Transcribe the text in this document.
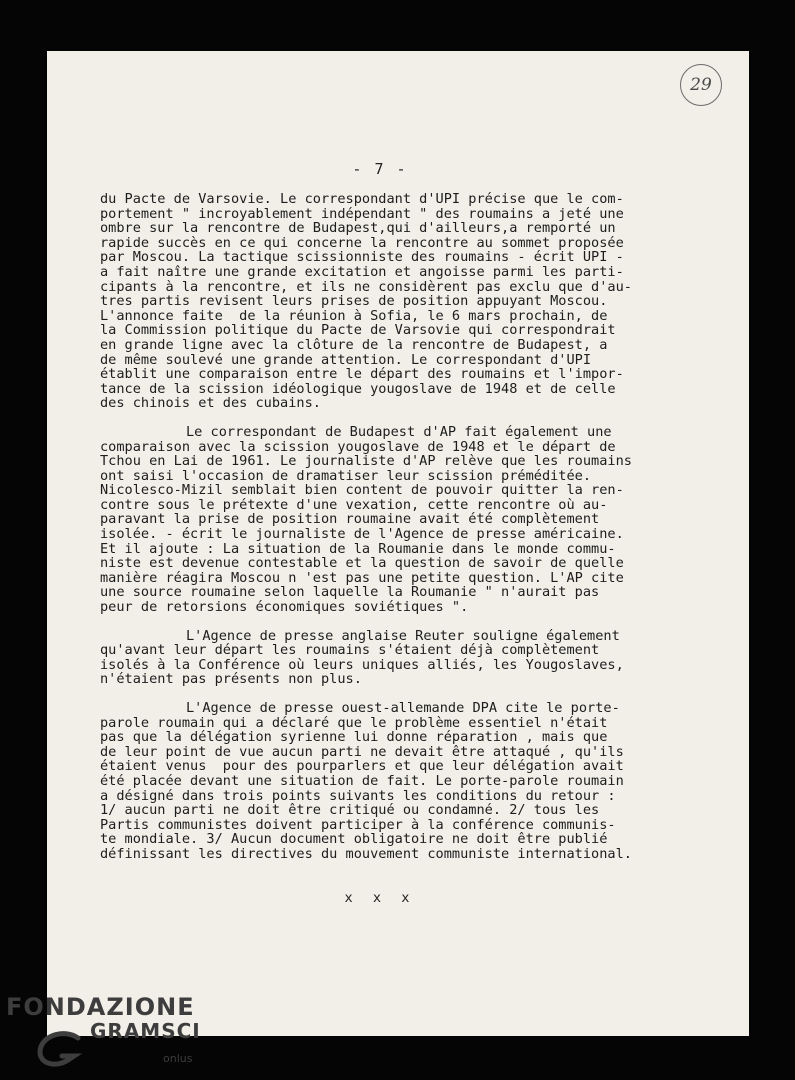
29
- 7 -

du Pacte de Varsovie. Le correspondant d'UPI précise que le com-
portement " incroyablement indépendant " des roumains a jeté une
ombre sur la rencontre de Budapest,qui d'ailleurs,a remporté un
rapide succès en ce qui concerne la rencontre au sommet proposée
par Moscou. La tactique scissionniste des roumains - écrit UPI -
a fait naître une grande excitation et angoisse parmi les parti-
cipants à la rencontre, et ils ne considèrent pas exclu que d'au-
tres partis revisent leurs prises de position appuyant Moscou.
L'annonce faite  de la réunion à Sofia, le 6 mars prochain, de
la Commission politique du Pacte de Varsovie qui correspondrait
en grande ligne avec la clôture de la rencontre de Budapest, a
de même soulevé une grande attention. Le correspondant d'UPI
établit une comparaison entre le départ des roumains et l'impor-
tance de la scission idéologique yougoslave de 1948 et de celle
des chinois et des cubains.

Le correspondant de Budapest d'AP fait également une
comparaison avec la scission yougoslave de 1948 et le départ de
Tchou en Lai de 1961. Le journaliste d'AP relève que les roumains
ont saisi l'occasion de dramatiser leur scission préméditée.
Nicolesco-Mizil semblait bien content de pouvoir quitter la ren-
contre sous le prétexte d'une vexation, cette rencontre où au-
paravant la prise de position roumaine avait été complètement
isolée. - écrit le journaliste de l'Agence de presse américaine.
Et il ajoute : La situation de la Roumanie dans le monde commu-
niste est devenue contestable et la question de savoir de quelle
manière réagira Moscou n 'est pas une petite question. L'AP cite
une source roumaine selon laquelle la Roumanie " n'aurait pas
peur de retorsions économiques soviétiques ".

L'Agence de presse anglaise Reuter souligne également
qu'avant leur départ les roumains s'étaient déjà complètement
isolés à la Conférence où leurs uniques alliés, les Yougoslaves,
n'étaient pas présents non plus.

L'Agence de presse ouest-allemande DPA cite le porte-
parole roumain qui a déclaré que le problème essentiel n'était
pas que la délégation syrienne lui donne réparation , mais que
de leur point de vue aucun parti ne devait être attaqué , qu'ils
étaient venus  pour des pourparlers et que leur délégation avait
été placée devant une situation de fait. Le porte-parole roumain
a désigné dans trois points suivants les conditions du retour :
1/ aucun parti ne doit être critiqué ou condamné. 2/ tous les
Partis communistes doivent participer à la conférence communis-
te mondiale. 3/ Aucun document obligatoire ne doit être publié
définissant les directives du mouvement communiste international.

x x x
FONDAZIONE
GRAMSCI
onlus
